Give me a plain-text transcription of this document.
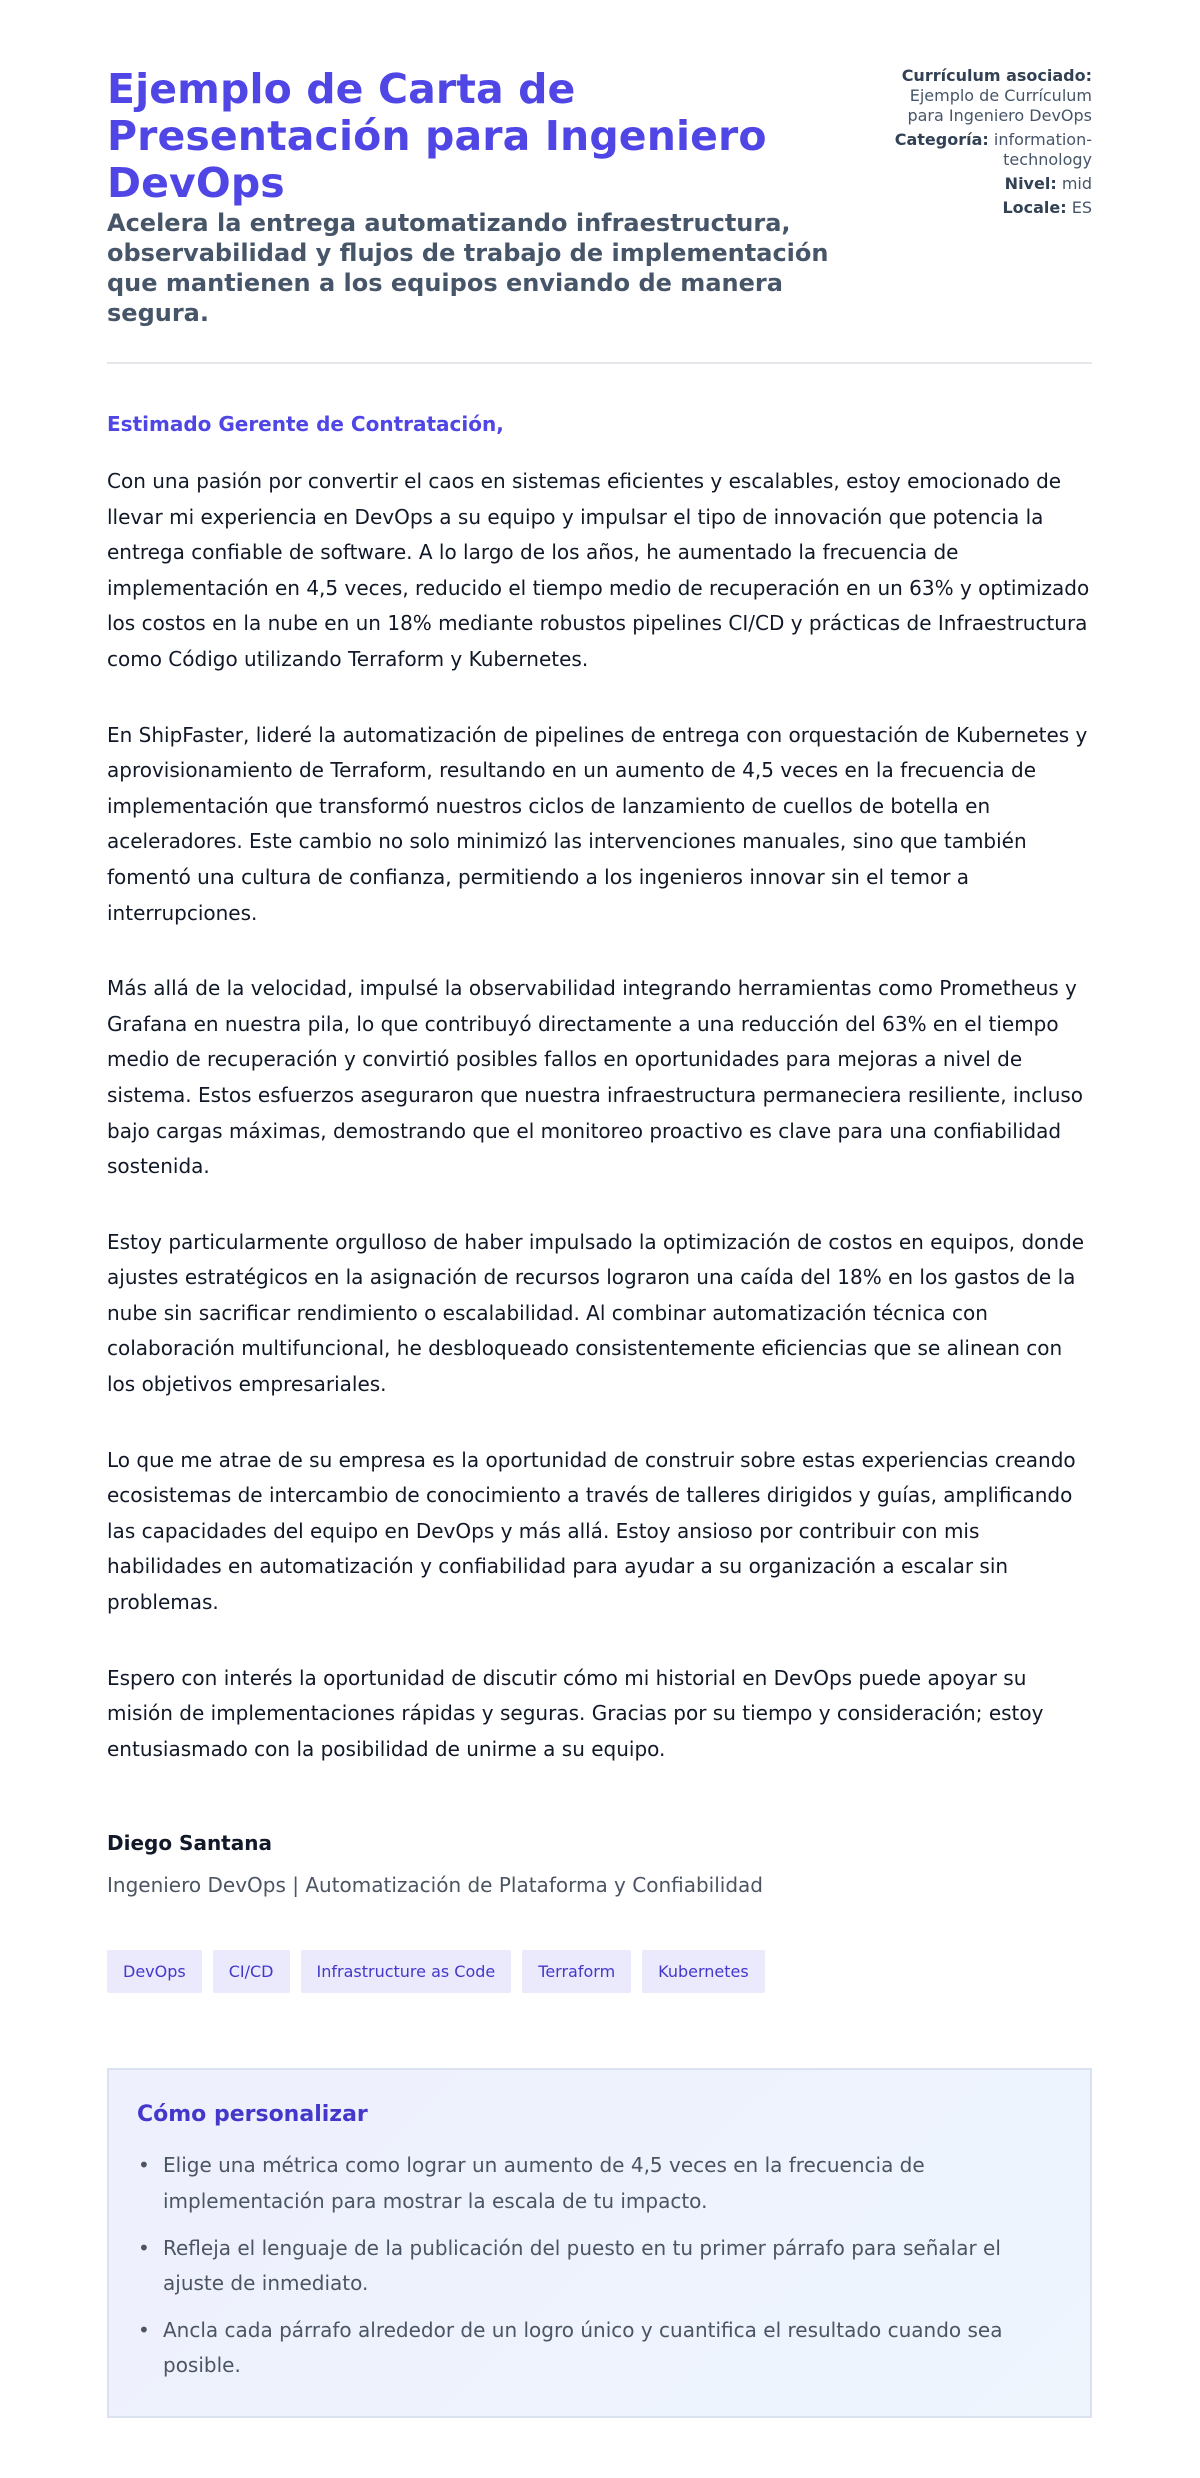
Ejemplo de Carta de Presentación para Ingeniero DevOps
Acelera la entrega automatizando infraestructura, observabilidad y flujos de trabajo de implementación que mantienen a los equipos enviando de manera segura.
Currículum asociado: Ejemplo de Currículum para Ingeniero DevOps
Categoría: information-technology
Nivel: mid
Locale: ES

Estimado Gerente de Contratación,

Con una pasión por convertir el caos en sistemas eficientes y escalables, estoy emocionado de llevar mi experiencia en DevOps a su equipo y impulsar el tipo de innovación que potencia la entrega confiable de software. A lo largo de los años, he aumentado la frecuencia de implementación en 4,5 veces, reducido el tiempo medio de recuperación en un 63% y optimizado los costos en la nube en un 18% mediante robustos pipelines CI/CD y prácticas de Infraestructura como Código utilizando Terraform y Kubernetes.

En ShipFaster, lideré la automatización de pipelines de entrega con orquestación de Kubernetes y aprovisionamiento de Terraform, resultando en un aumento de 4,5 veces en la frecuencia de implementación que transformó nuestros ciclos de lanzamiento de cuellos de botella en aceleradores. Este cambio no solo minimizó las intervenciones manuales, sino que también fomentó una cultura de confianza, permitiendo a los ingenieros innovar sin el temor a interrupciones.

Más allá de la velocidad, impulsé la observabilidad integrando herramientas como Prometheus y Grafana en nuestra pila, lo que contribuyó directamente a una reducción del 63% en el tiempo medio de recuperación y convirtió posibles fallos en oportunidades para mejoras a nivel de sistema. Estos esfuerzos aseguraron que nuestra infraestructura permaneciera resiliente, incluso bajo cargas máximas, demostrando que el monitoreo proactivo es clave para una confiabilidad sostenida.

Estoy particularmente orgulloso de haber impulsado la optimización de costos en equipos, donde ajustes estratégicos en la asignación de recursos lograron una caída del 18% en los gastos de la nube sin sacrificar rendimiento o escalabilidad. Al combinar automatización técnica con colaboración multifuncional, he desbloqueado consistentemente eficiencias que se alinean con los objetivos empresariales.

Lo que me atrae de su empresa es la oportunidad de construir sobre estas experiencias creando ecosistemas de intercambio de conocimiento a través de talleres dirigidos y guías, amplificando las capacidades del equipo en DevOps y más allá. Estoy ansioso por contribuir con mis habilidades en automatización y confiabilidad para ayudar a su organización a escalar sin problemas.

Espero con interés la oportunidad de discutir cómo mi historial en DevOps puede apoyar su misión de implementaciones rápidas y seguras. Gracias por su tiempo y consideración; estoy entusiasmado con la posibilidad de unirme a su equipo.

Diego Santana
Ingeniero DevOps | Automatización de Plataforma y Confiabilidad
DevOps	CI/CD	Infrastructure as Code	Terraform	Kubernetes
Cómo personalizar
• Elige una métrica como lograr un aumento de 4,5 veces en la frecuencia de implementación para mostrar la escala de tu impacto.
• Refleja el lenguaje de la publicación del puesto en tu primer párrafo para señalar el ajuste de inmediato.
• Ancla cada párrafo alrededor de un logro único y cuantifica el resultado cuando sea posible.
